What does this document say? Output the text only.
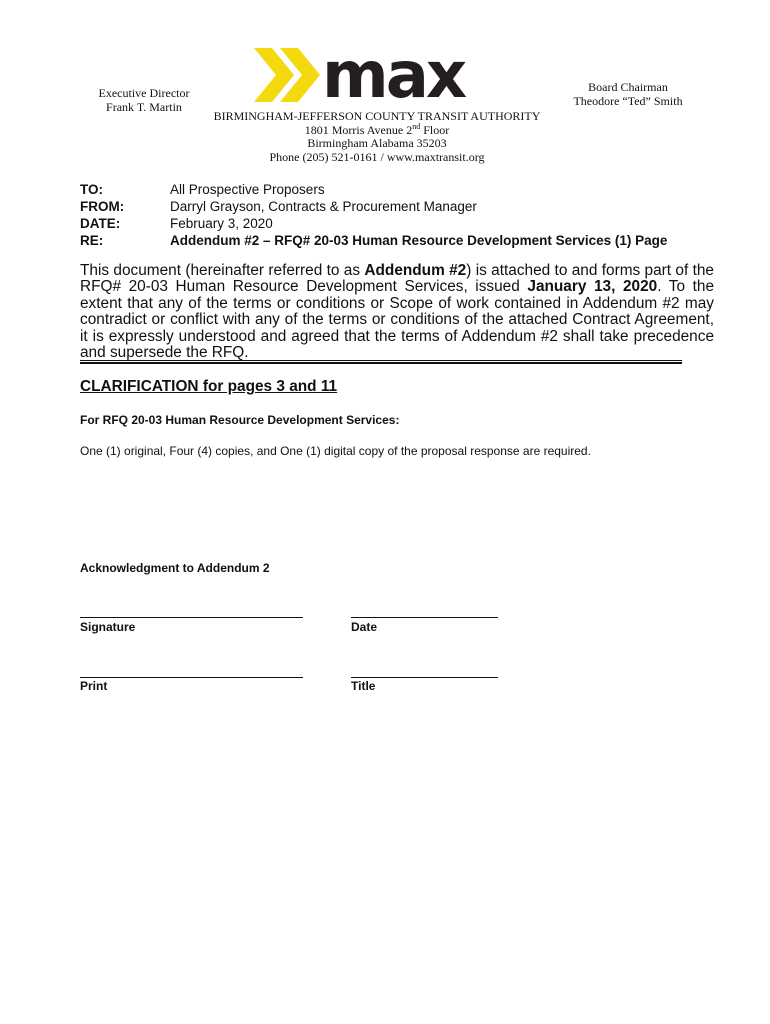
Executive Director
Frank T. Martin	max	Board Chairman
Theodore “Ted” Smith
BIRMINGHAM-JEFFERSON COUNTY TRANSIT AUTHORITY
1801 Morris Avenue 2nd Floor
Birmingham Alabama 35203
Phone (205) 521-0161 / www.maxtransit.org
TO:	All Prospective Proposers
FROM:	Darryl Grayson, Contracts & Procurement Manager
DATE:	February 3, 2020
RE:	Addendum #2 – RFQ# 20-03 Human Resource Development Services (1) Page
This document (hereinafter referred to as Addendum #2) is attached to and forms part of the RFQ# 20-03 Human Resource Development Services, issued January 13, 2020. To the extent that any of the terms or conditions or Scope of work contained in Addendum #2 may contradict or conflict with any of the terms or conditions of the attached Contract Agreement, it is expressly understood and agreed that the terms of Addendum #2 shall take precedence and supersede the RFQ.
CLARIFICATION for pages 3 and 11
For RFQ 20-03 Human Resource Development Services:
One (1) original, Four (4) copies, and One (1) digital copy of the proposal response are required.
Acknowledgment to Addendum 2
Signature	Date
Print	Title
